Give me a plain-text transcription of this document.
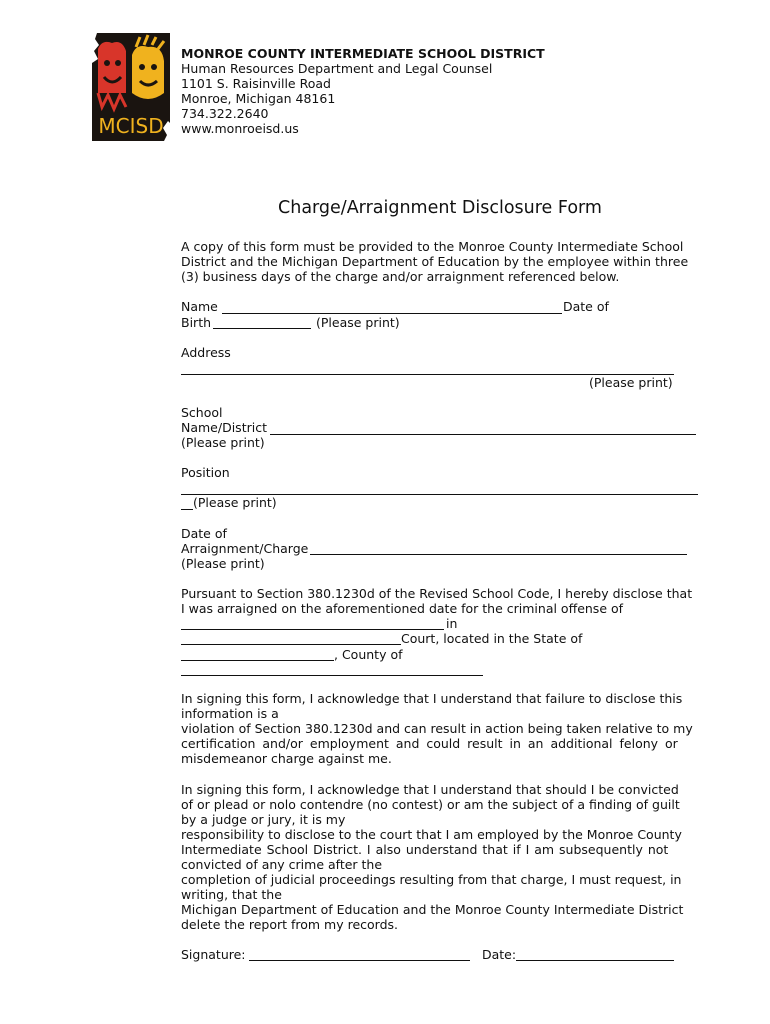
MCISD
MONROE COUNTY INTERMEDIATE SCHOOL DISTRICT
Human Resources Department and Legal Counsel
1101 S. Raisinville Road
Monroe, Michigan 48161
734.322.2640
www.monroeisd.us
Charge/Arraignment Disclosure Form
A copy of this form must be provided to the Monroe County Intermediate School
District and the Michigan Department of Education by the employee within three
(3) business days of the charge and/or arraignment referenced below.
Name	Date of
Birth	(Please print)
Address
(Please print)
School
Name/District
(Please print)
Position
(Please print)
Date of
Arraignment/Charge
(Please print)
Pursuant to Section 380.1230d of the Revised School Code, I hereby disclose that
I was arraigned on the aforementioned date for the criminal offense of
in
Court, located in the State of
, County of
In signing this form, I acknowledge that I understand that failure to disclose this
information is a
violation of Section 380.1230d and can result in action being taken relative to my
certification and/or employment and could result in an additional felony or
misdemeanor charge against me.
In signing this form, I acknowledge that I understand that should I be convicted
of or plead or nolo contendre (no contest) or am the subject of a finding of guilt
by a judge or jury, it is my
responsibility to disclose to the court that I am employed by the Monroe County
Intermediate School District. I also understand that if I am subsequently not
convicted of any crime after the
completion of judicial proceedings resulting from that charge, I must request, in
writing, that the
Michigan Department of Education and the Monroe County Intermediate District
delete the report from my records.
Signature:	Date:
